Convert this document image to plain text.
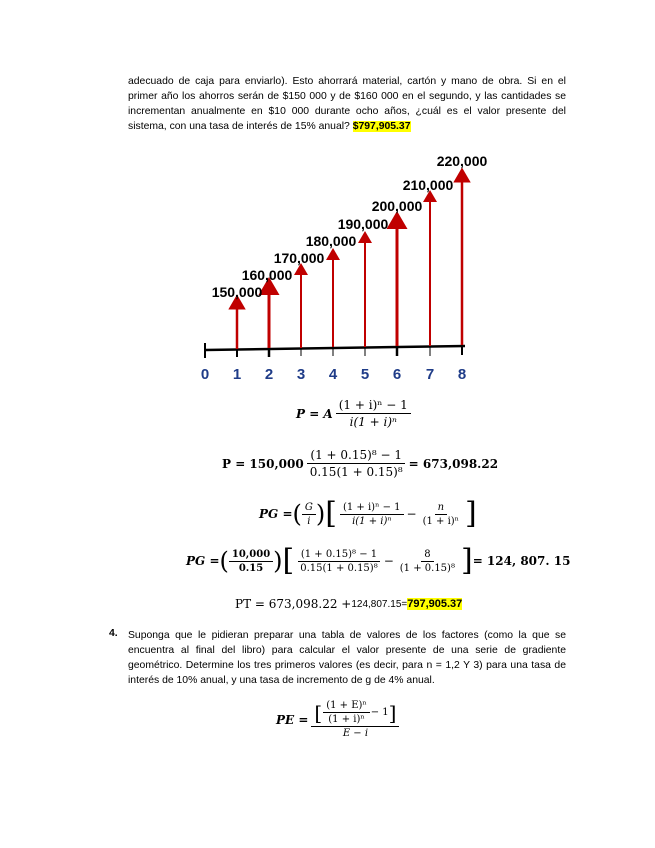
adecuado de caja para enviarlo). Esto ahorrará material, cartón y mano de obra. Si en el primer año los ahorros serán de $150 000 y de $160 000 en el segundo, y las cantidades se incrementan anualmente en $10 000 durante ocho años, ¿cuál es el valor presente del sistema, con una tasa de interés de 15% anual? $797,905.37
0 1 2 3 4 5 6 7 8
150,000
160,000
170,000
180,000
190,000
200,000
210,000
220,000
P = A $\frac{\text{(1 + i)ⁿ − 1}}{\text{i(1 + i)ⁿ}}$
$P = 150,000 \frac{\text{(1 + 0.15)⁸ − 1}}{\text{0.15(1 + 0.15)⁸}} = 673,098.22$
PG = ( $\frac{G}{i}$ ) [ $\frac{\text{(1 + i)ⁿ − 1}}{\text{i(1 + i)ⁿ}} - \frac{n}{\text{(1 + i)ⁿ}}$ ]
PG = ( $\frac{10,000}{0.15}$ ) [ $\frac{\text{(1 + 0.15)⁸ − 1}}{\text{0.15(1 + 0.15)⁸}} - \frac{8}{\text{(1 + 0.15)⁸}}$ ] = 124, 807. 15
PT = 673,098.22 + 124,807.15= 797,905.37
4. Suponga que le pidieran preparar una tabla de valores de los factores (como la que se encuentra al final del libro) para calcular el valor presente de una serie de gradiente geométrico. Determine los tres primeros valores (es decir, para n = 1,2 Y 3) para una tasa de interés de 10% anual, y una tasa de incremento de g de 4% anual.
PE = [ $\frac{\text{(1 + E)ⁿ}}{\text{(1 + i)ⁿ}} - 1$ ]
E − i
